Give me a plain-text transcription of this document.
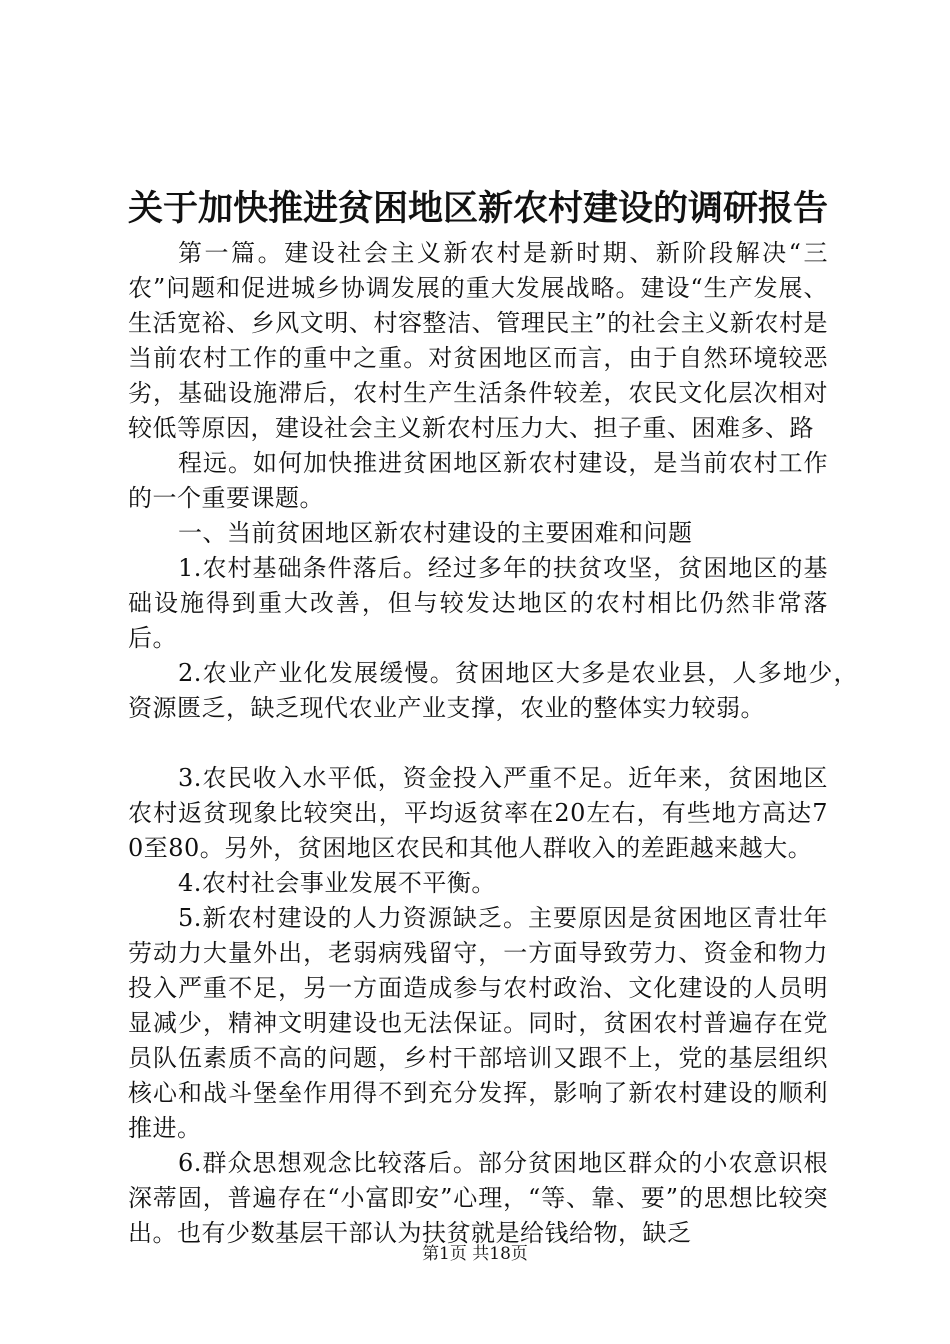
关于加快推进贫困地区新农村建设的调研报告

第一篇。建设社会主义新农村是新时期、新阶段解决“三农”问题和促进城乡协调发展的重大发展战略。建设“生产发展、生活宽裕、乡风文明、村容整洁、管理民主”的社会主义新农村是当前农村工作的重中之重。对贫困地区而言，由于自然环境较恶劣，基础设施滞后，农村生产生活条件较差，农民文化层次相对较低等原因，建设社会主义新农村压力大、担子重、困难多、路

程远。如何加快推进贫困地区新农村建设，是当前农村工作的一个重要课题。

一、当前贫困地区新农村建设的主要困难和问题

1.农村基础条件落后。经过多年的扶贫攻坚，贫困地区的基础设施得到重大改善，但与较发达地区的农村相比仍然非常落后。

2.农业产业化发展缓慢。贫困地区大多是农业县，人多地少，资源匮乏，缺乏现代农业产业支撑，农业的整体实力较弱。

3.农民收入水平低，资金投入严重不足。近年来，贫困地区农村返贫现象比较突出，平均返贫率在20左右，有些地方高达70至80。另外，贫困地区农民和其他人群收入的差距越来越大。

4.农村社会事业发展不平衡。

5.新农村建设的人力资源缺乏。主要原因是贫困地区青壮年劳动力大量外出，老弱病残留守，一方面导致劳力、资金和物力投入严重不足，另一方面造成参与农村政治、文化建设的人员明显减少，精神文明建设也无法保证。同时，贫困农村普遍存在党员队伍素质不高的问题，乡村干部培训又跟不上，党的基层组织核心和战斗堡垒作用得不到充分发挥，影响了新农村建设的顺利推进。

6.群众思想观念比较落后。部分贫困地区群众的小农意识根深蒂固，普遍存在“小富即安”心理，“等、靠、要”的思想比较突出。也有少数基层干部认为扶贫就是给钱给物，缺乏

第1页 共18页
